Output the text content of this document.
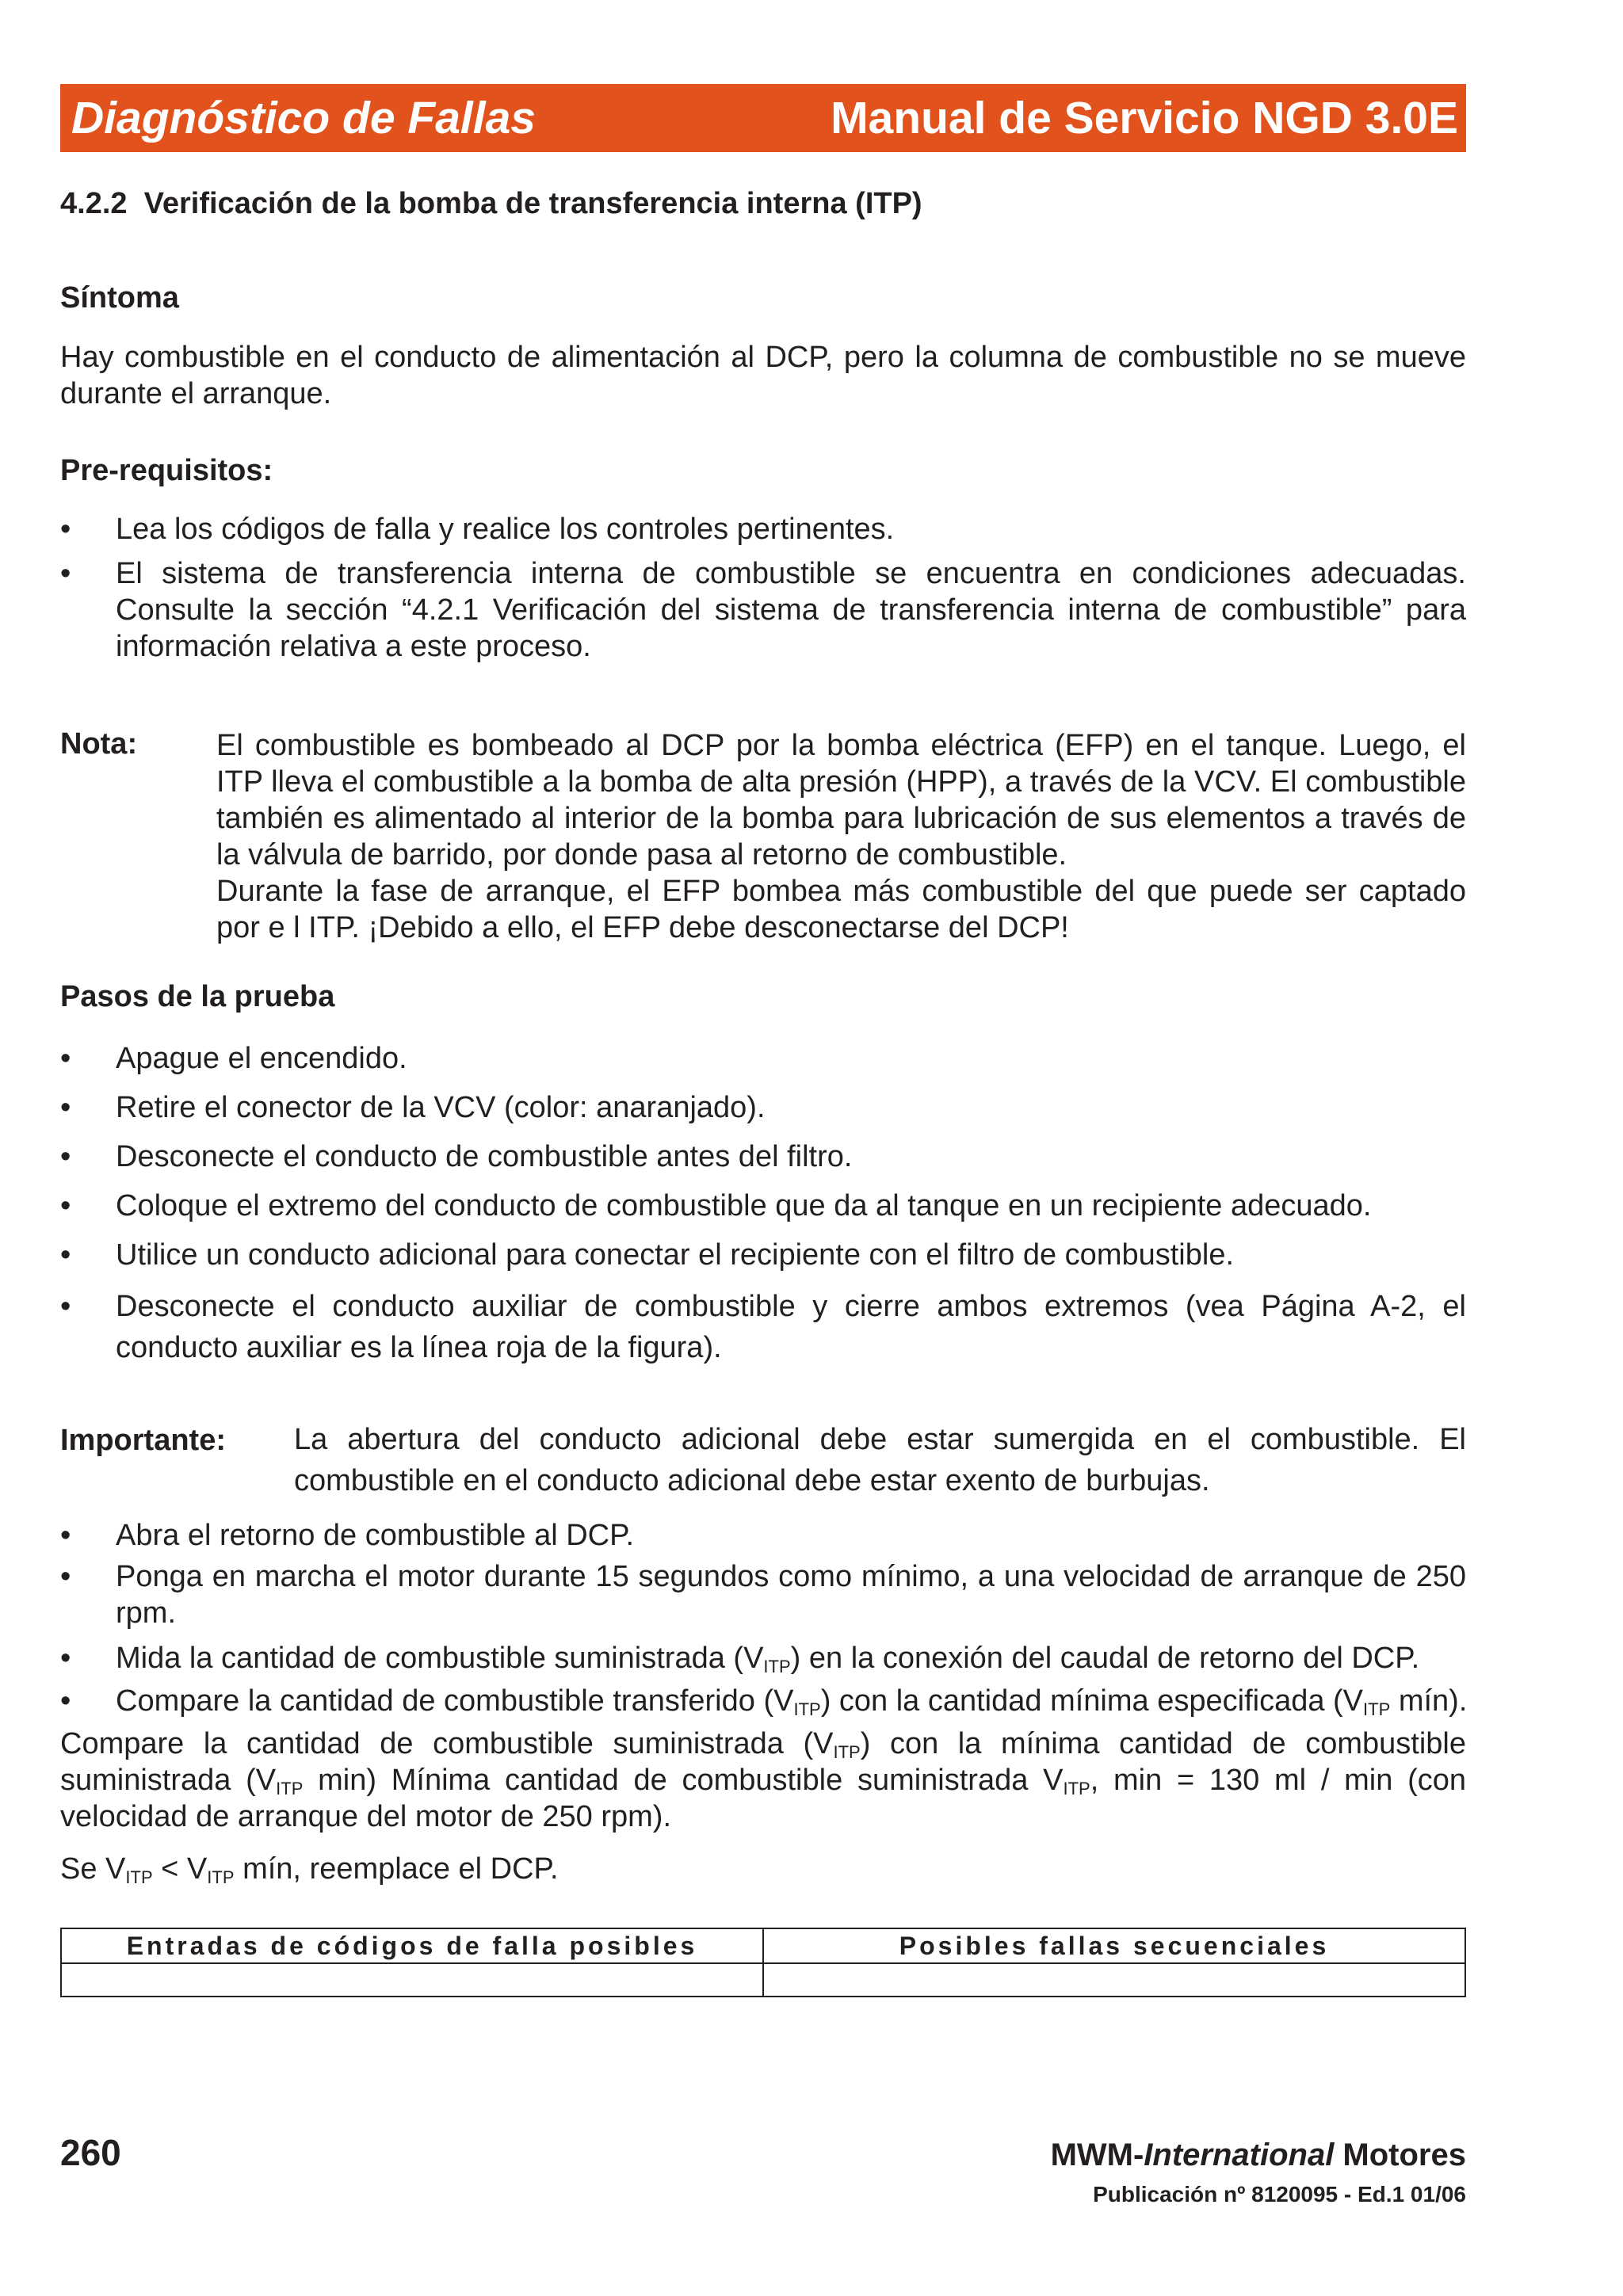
Diagnóstico de Fallas	Manual de Servicio NGD 3.0E
4.2.2  Verificación de la bomba de transferencia interna (ITP)
Síntoma
Hay combustible en el conducto de alimentación al DCP, pero la columna de combustible no se mueve durante el arranque.
Pre-requisitos:
• Lea los códigos de falla y realice los controles pertinentes.
• El sistema de transferencia interna de combustible se encuentra en condiciones adecuadas. Consulte la sección “4.2.1 Verificación del sistema de transferencia interna de combustible” para información relativa a este proceso.
Nota:	El combustible es bombeado al DCP por la bomba eléctrica (EFP) en el tanque. Luego, el ITP lleva el combustible a la bomba de alta presión (HPP), a través de la VCV. El combustible también es alimentado al interior de la bomba para lubricación de sus elementos a través de la válvula de barrido, por donde pasa al retorno de combustible.
Durante la fase de arranque, el EFP bombea más combustible del que puede ser captado por e l ITP. ¡Debido a ello, el EFP debe desconectarse del DCP!
Pasos de la prueba
• Apague el encendido.
• Retire el conector de la VCV (color: anaranjado).
• Desconecte el conducto de combustible antes del filtro.
• Coloque el extremo del conducto de combustible que da al tanque en un recipiente adecuado.
• Utilice un conducto adicional para conectar el recipiente con el filtro de combustible.
• Desconecte el conducto auxiliar de combustible y cierre ambos extremos (vea Página A-2, el conducto auxiliar es la línea roja de la figura).
Importante: La abertura del conducto adicional debe estar sumergida en el combustible. El combustible en el conducto adicional debe estar exento de burbujas.
• Abra el retorno de combustible al DCP.
• Ponga en marcha el motor durante 15 segundos como mínimo, a una velocidad de arranque de 250 rpm.
• Mida la cantidad de combustible suministrada $(V_{ITP})$ en la conexión del caudal de retorno del DCP.
• Compare la cantidad de combustible transferido $(V_{ITP})$ con la cantidad mínima especificada ($V_{ITP}$ mín).
Compare la cantidad de combustible suministrada $(V_{ITP})$ con la mínima cantidad de combustible suministrada ($V_{ITP}$ min) Mínima cantidad de combustible suministrada $V_{ITP}$, min = 130 ml / min (con velocidad de arranque del motor de 250 rpm).
Se $V_{ITP} < V_{ITP}$ mín, reemplace el DCP.
Entradas de códigos de falla posibles	Posibles fallas secuenciales

260	MWM-International Motores
Publicación nº 8120095 - Ed.1 01/06
